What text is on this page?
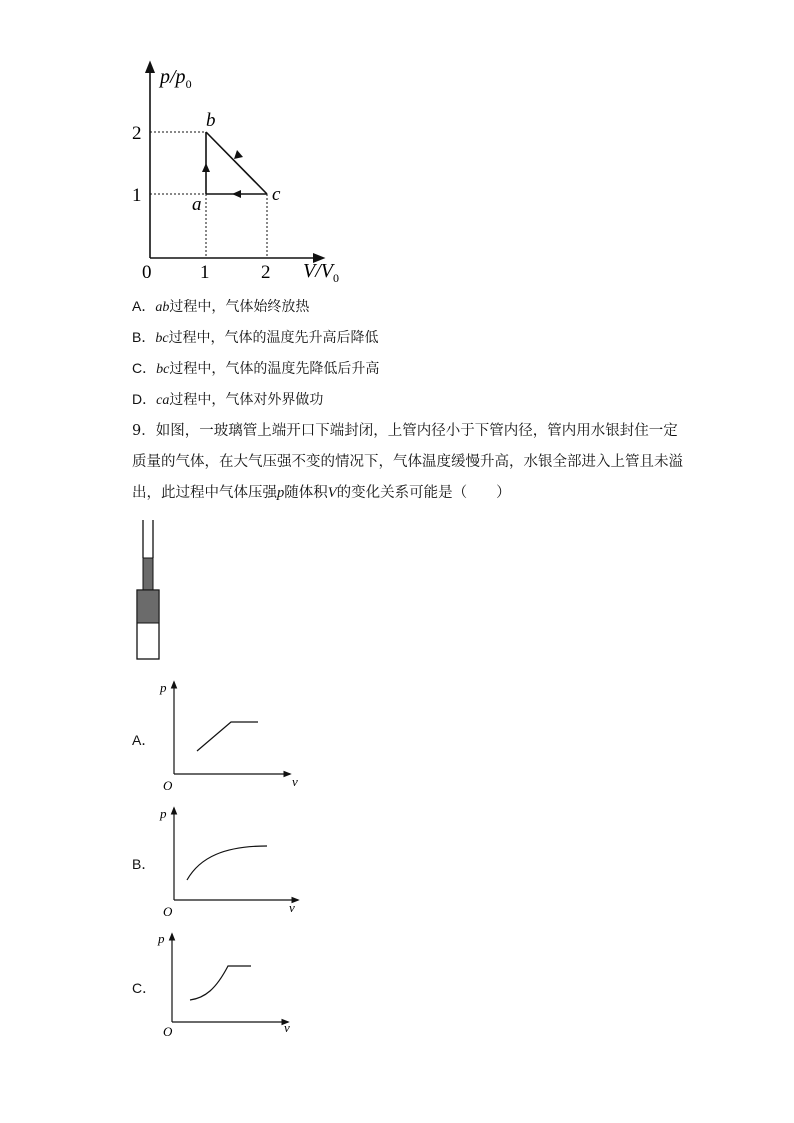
$p/p_0$
$V/V_0$
0	1	2
1
2
a
b
c
A．ab过程中，气体始终放热
B．bc过程中，气体的温度先升高后降低
C．bc过程中，气体的温度先降低后升高
D．ca过程中，气体对外界做功
9．如图，一玻璃管上端开口下端封闭，上管内径小于下管内径，管内用水银封住一定
质量的气体，在大气压强不变的情况下，气体温度缓慢升高，水银全部进入上管且未溢
出，此过程中气体压强p随体积V的变化关系可能是（　　）
A．
p
v
O
B．
p
v
O
C．
p
v
O
